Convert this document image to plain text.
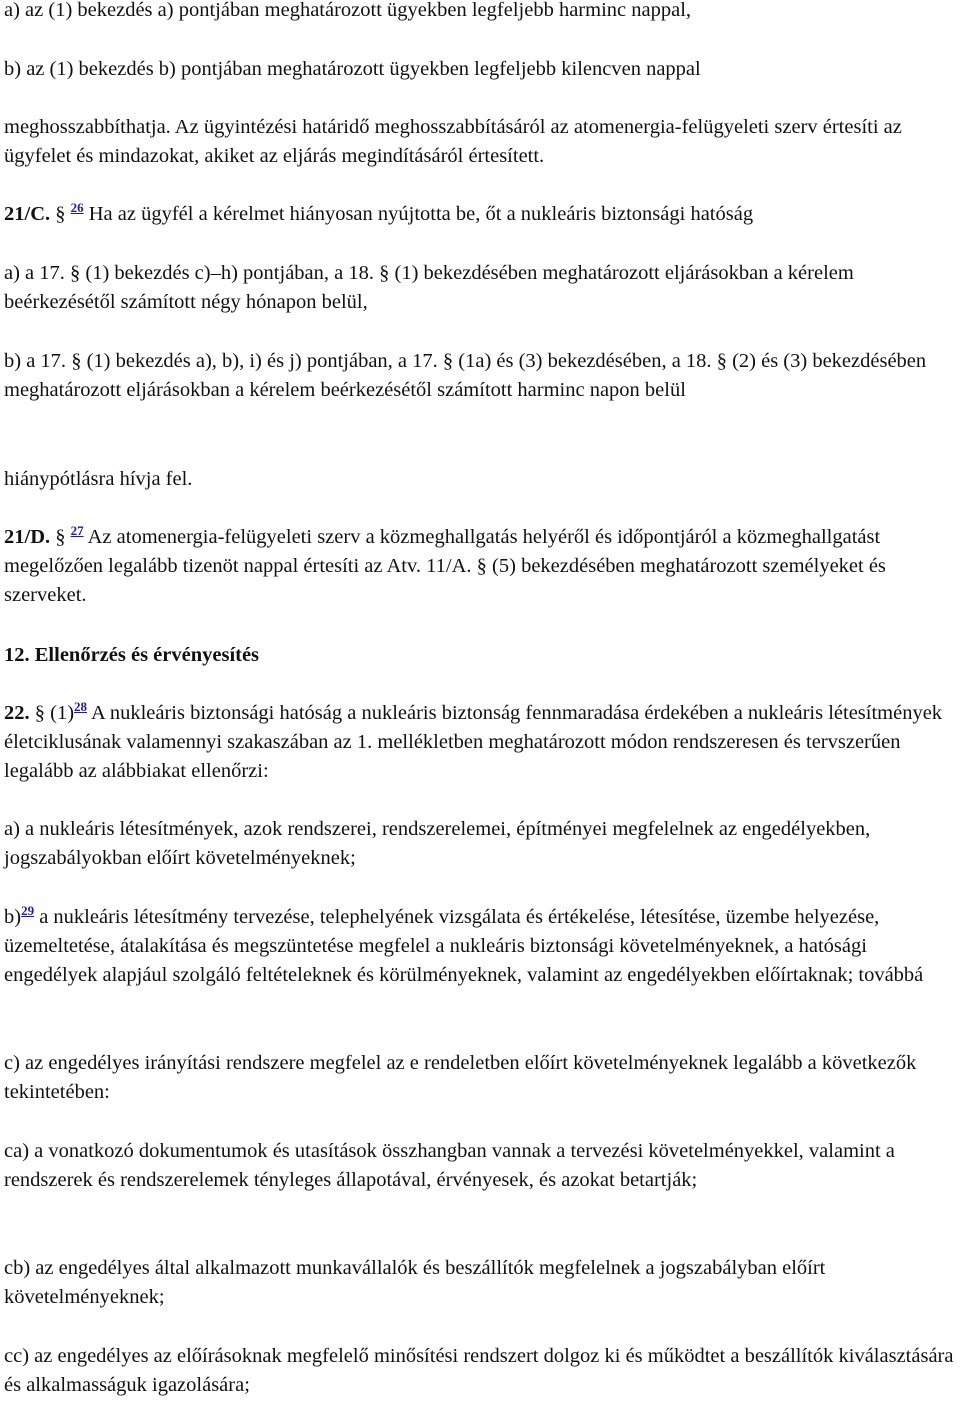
a) az (1) bekezdés a) pontjában meghatározott ügyekben legfeljebb harminc nappal,

b) az (1) bekezdés b) pontjában meghatározott ügyekben legfeljebb kilencven nappal

meghosszabbíthatja. Az ügyintézési határidő meghosszabbításáról az atomenergia-felügyeleti szerv értesíti az ügyfelet és mindazokat, akiket az eljárás megindításáról értesített.

21/C. § $^{26}$ Ha az ügyfél a kérelmet hiányosan nyújtotta be, őt a nukleáris biztonsági hatóság

a) a 17. § (1) bekezdés c)–h) pontjában, a 18. § (1) bekezdésében meghatározott eljárásokban a kérelem beérkezésétől számított négy hónapon belül,

b) a 17. § (1) bekezdés a), b), i) és j) pontjában, a 17. § (1a) és (3) bekezdésében, a 18. § (2) és (3) bekezdésében meghatározott eljárásokban a kérelem beérkezésétől számított harminc napon belül

hiánypótlásra hívja fel.

21/D. § $^{27}$ Az atomenergia-felügyeleti szerv a közmeghallgatás helyéről és időpontjáról a közmeghallgatást megelőzően legalább tizenöt nappal értesíti az Atv. 11/A. § (5) bekezdésében meghatározott személyeket és szerveket.

12. Ellenőrzés és érvényesítés

22. § (1)$^{28}$ A nukleáris biztonsági hatóság a nukleáris biztonság fennmaradása érdekében a nukleáris létesítmények életciklusának valamennyi szakaszában az 1. mellékletben meghatározott módon rendszeresen és tervszerűen legalább az alábbiakat ellenőrzi:

a) a nukleáris létesítmények, azok rendszerei, rendszerelemei, építményei megfelelnek az engedélyekben, jogszabályokban előírt követelményeknek;

b)$^{29}$ a nukleáris létesítmény tervezése, telephelyének vizsgálata és értékelése, létesítése, üzembe helyezése, üzemeltetése, átalakítása és megszüntetése megfelel a nukleáris biztonsági követelményeknek, a hatósági engedélyek alapjául szolgáló feltételeknek és körülményeknek, valamint az engedélyekben előírtaknak; továbbá

c) az engedélyes irányítási rendszere megfelel az e rendeletben előírt követelményeknek legalább a következők tekintetében:

ca) a vonatkozó dokumentumok és utasítások összhangban vannak a tervezési követelményekkel, valamint a rendszerek és rendszerelemek tényleges állapotával, érvényesek, és azokat betartják;

cb) az engedélyes által alkalmazott munkavállalók és beszállítók megfelelnek a jogszabályban előírt követelményeknek;

cc) az engedélyes az előírásoknak megfelelő minősítési rendszert dolgoz ki és működtet a beszállítók kiválasztására és alkalmasságuk igazolására;
